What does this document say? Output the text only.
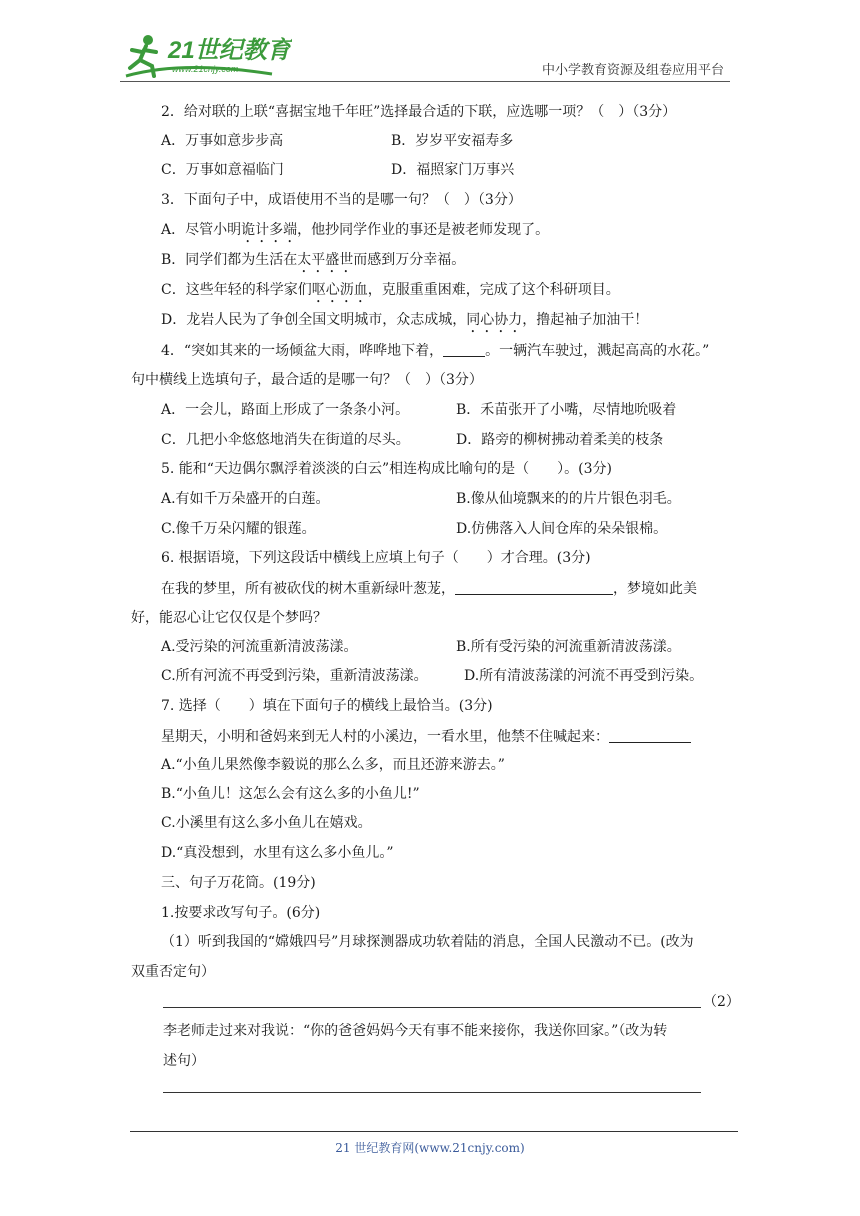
21世纪教育
www.21cnjy.com	中小学教育资源及组卷应用平台
2．给对联的上联“喜据宝地千年旺”选择最合适的下联，应选哪一项？（　）（3分）
A．万事如意步步高	B．岁岁平安福寿多
C．万事如意福临门	D．福照家门万事兴
3．下面句子中，成语使用不当的是哪一句？（　）（3分）
A．尽管小明诡计多端，他抄同学作业的事还是被老师发现了。
B．同学们都为生活在太平盛世而感到万分幸福。
C．这些年轻的科学家们呕心沥血，克服重重困难，完成了这个科研项目。
D．龙岩人民为了争创全国文明城市，众志成城，同心协力，撸起袖子加油干！
4．“突如其来的一场倾盆大雨，哗哗地下着，	。一辆汽车驶过，溅起高高的水花。”
句中横线上选填句子，最合适的是哪一句？（　）（3分）
A．一会儿，路面上形成了一条条小河。	B．禾苗张开了小嘴，尽情地吮吸着
C．几把小伞悠悠地消失在街道的尽头。	D．路旁的柳树拂动着柔美的枝条
5. 能和“天边偶尔飘浮着淡淡的白云”相连构成比喻句的是（　　）。(3分)
A.有如千万朵盛开的白莲。	B.像从仙境飘来的的片片银色羽毛。
C.像千万朵闪耀的银莲。	D.仿佛落入人间仓库的朵朵银棉。
6. 根据语境，下列这段话中横线上应填上句子（　　）才合理。(3分)
在我的梦里，所有被砍伐的树木重新绿叶葱茏，	，梦境如此美
好，能忍心让它仅仅是个梦吗？
A.受污染的河流重新清波荡漾。	B.所有受污染的河流重新清波荡漾。
C.所有河流不再受到污染，重新清波荡漾。	D.所有清波荡漾的河流不再受到污染。
7. 选择（　　）填在下面句子的横线上最恰当。(3分)
星期天，小明和爸妈来到无人村的小溪边，一看水里，他禁不住喊起来：
A.“小鱼儿果然像李毅说的那么么多，而且还游来游去。”
B.“小鱼儿！这怎么会有这么多的小鱼儿!”
C.小溪里有这么多小鱼儿在嬉戏。
D.“真没想到，水里有这么多小鱼儿。”
三、句子万花筒。(19分)
1.按要求改写句子。(6分)
（1）听到我国的“嫦娥四号”月球探测器成功软着陆的消息，全国人民激动不已。(改为
双重否定句）
（2）
李老师走过来对我说：“你的爸爸妈妈今天有事不能来接你，我送你回家。”（改为转
述句）
21 世纪教育网(www.21cnjy.com)
